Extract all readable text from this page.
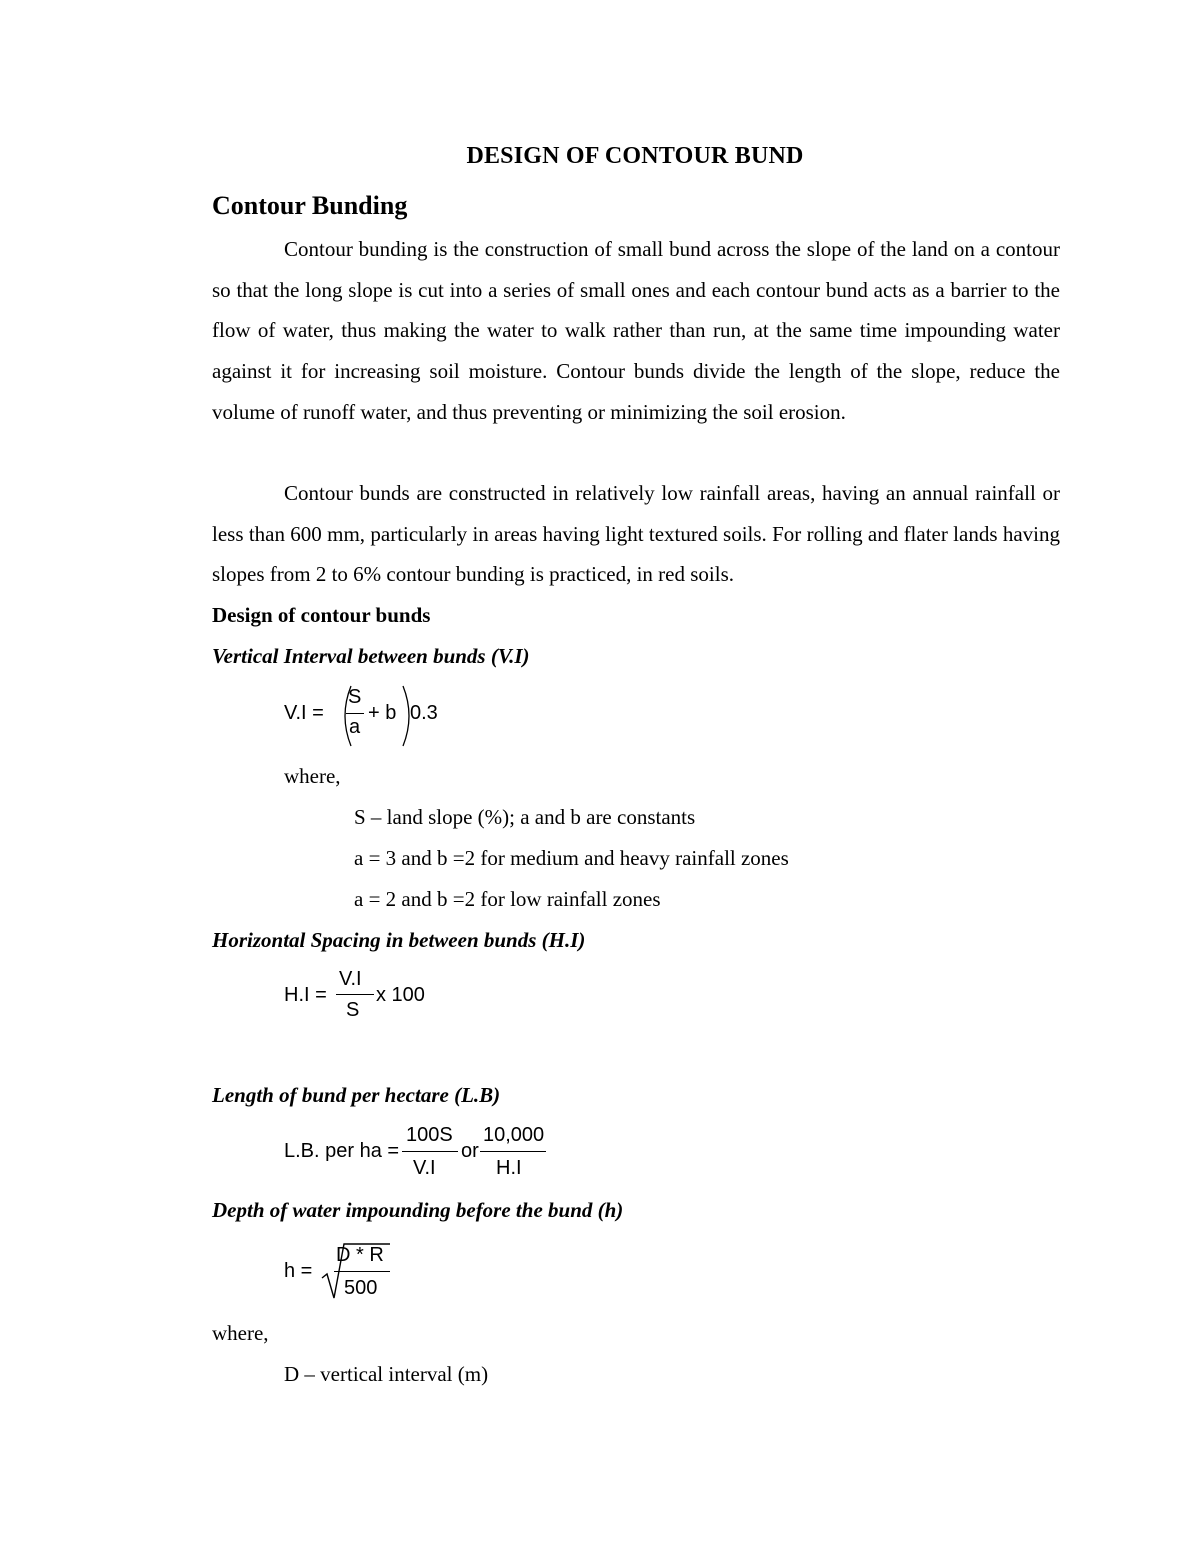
DESIGN OF CONTOUR BUND
Contour Bunding
Contour bunding is the construction of small bund across the slope of the land on a contour so that the long slope is cut into a series of small ones and each contour bund acts as a barrier to the flow of water, thus making the water to walk rather than run, at the same time impounding water against it for increasing soil moisture. Contour bunds divide the length of the slope, reduce the volume of runoff water, and thus preventing or minimizing the soil erosion.
Contour bunds are constructed in relatively low rainfall areas, having an annual rainfall or less than 600 mm, particularly in areas having light textured soils. For rolling and flater lands having slopes from 2 to 6% contour bunding is practiced, in red soils.
Design of contour bunds
Vertical Interval between bunds (V.I)
V.I =
S
a
+ b 0.3
where,
S – land slope (%); a and b are constants
a = 3 and b =2 for medium and heavy rainfall zones
a = 2 and b =2 for low rainfall zones
Horizontal Spacing in between bunds (H.I)
H.I =
V.I
S
x 100
Length of bund per hectare (L.B)
L.B. per ha =
100S
V.I
or
10,000
H.I
Depth of water impounding before the bund (h)
h =
D * R
500
where,
D – vertical interval (m)
